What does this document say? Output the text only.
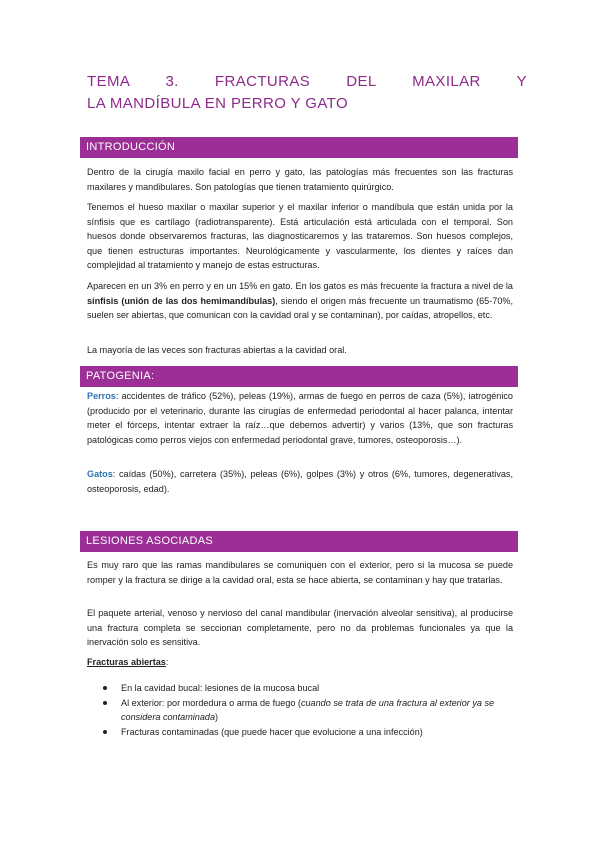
TEMA 3. FRACTURAS DEL MAXILAR Y
LA MANDÍBULA EN PERRO Y GATO
INTRODUCCIÓN
Dentro de la cirugía maxilo facial en perro y gato, las patologías más frecuentes son las fracturas maxilares y mandibulares. Son patologías que tienen tratamiento quirúrgico.
Tenemos el hueso maxilar o maxilar superior y el maxilar inferior o mandíbula que están unida por la sínfisis que es cartílago (radiotransparente). Está articulación está articulada con el temporal. Son huesos donde observaremos fracturas, las diagnosticaremos y las trataremos. Son huesos complejos, que tienen estructuras importantes. Neurológicamente y vascularmente, los dientes y raíces dan complejidad al tratamiento y manejo de estas estructuras.
Aparecen en un 3% en perro y en un 15% en gato. En los gatos es más frecuente la fractura a nivel de la sínfisis (unión de las dos hemimandíbulas), siendo el origen más frecuente un traumatismo (65-70%, suelen ser abiertas, que comunican con la cavidad oral y se contaminan), por caídas, atropellos, etc.
La mayoría de las veces son fracturas abiertas a la cavidad oral.
PATOGENIA:
Perros: accidentes de tráfico (52%), peleas (19%), armas de fuego en perros de caza (5%), iatrogénico (producido por el veterinario, durante las cirugías de enfermedad periodontal al hacer palanca, intentar meter el fórceps, intentar extraer la raíz…que debemos advertir) y varios (13%, que son fracturas patológicas como perros viejos con enfermedad periodontal grave, tumores, osteoporosis…).
Gatos: caídas (50%), carretera (35%), peleas (6%), golpes (3%) y otros (6%, tumores, degenerativas, osteoporosis, edad).
LESIONES ASOCIADAS
Es muy raro que las ramas mandibulares se comuniquen con el exterior, pero si la mucosa se puede romper y la fractura se dirige a la cavidad oral, esta se hace abierta, se contaminan y hay que tratarlas.
El paquete arterial, venoso y nervioso del canal mandibular (inervación alveolar sensitiva), al producirse una fractura completa se seccionan completamente, pero no da problemas funcionales ya que la inervación solo es sensitiva.
Fracturas abiertas:
En la cavidad bucal: lesiones de la mucosa bucal
Al exterior: por mordedura o arma de fuego (cuando se trata de una fractura al exterior ya se considera contaminada)
Fracturas contaminadas (que puede hacer que evolucione a una infección)
